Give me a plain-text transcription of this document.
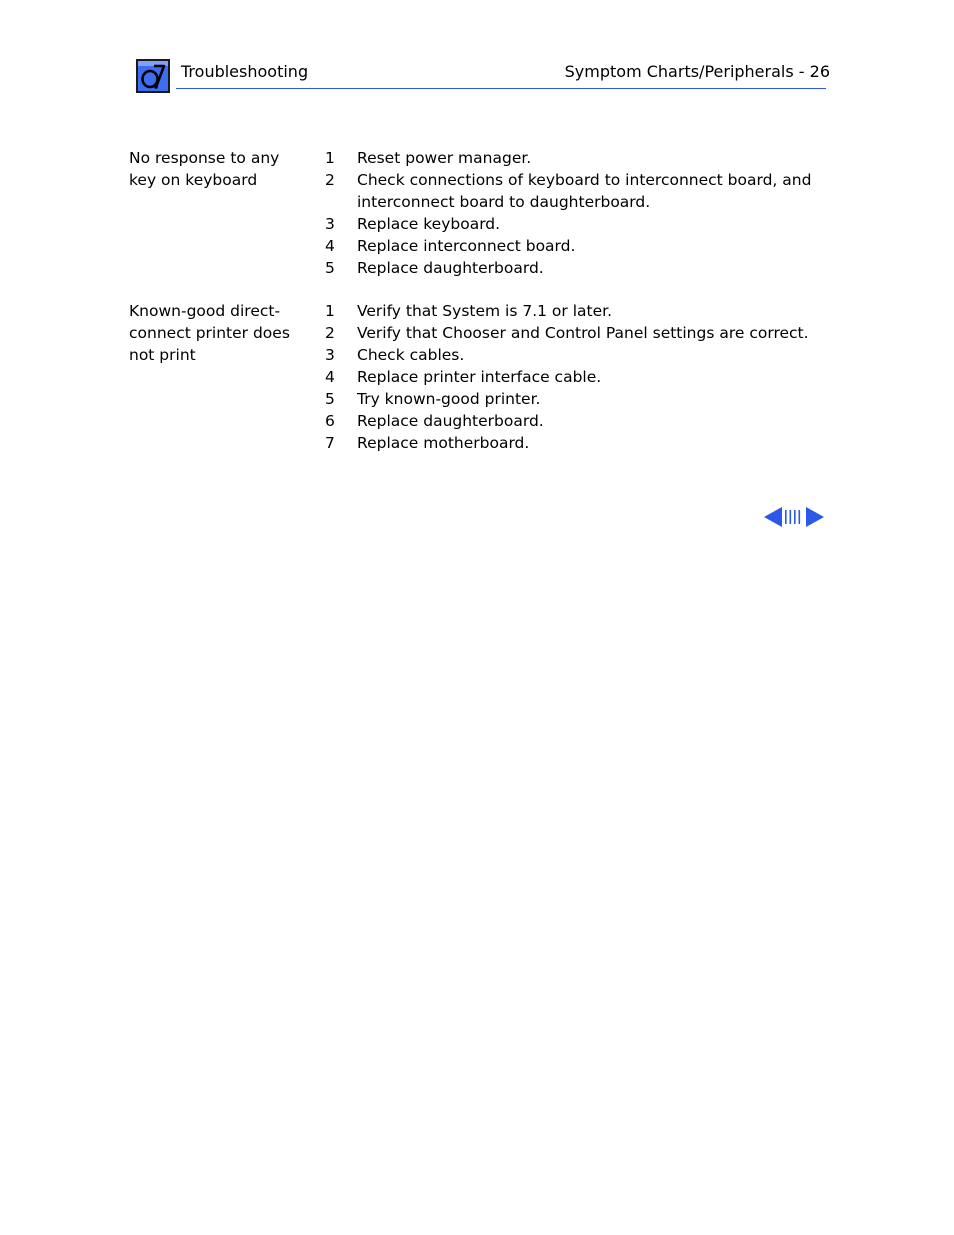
Troubleshooting	Symptom Charts/Peripherals - 26
No response to any key on keyboard
1	Reset power manager.
2	Check connections of keyboard to interconnect board, and interconnect board to daughterboard.
3	Replace keyboard.
4	Replace interconnect board.
5	Replace daughterboard.
Known-good direct-connect printer does not print
1	Verify that System is 7.1 or later.
2	Verify that Chooser and Control Panel settings are correct.
3	Check cables.
4	Replace printer interface cable.
5	Try known-good printer.
6	Replace daughterboard.
7	Replace motherboard.
